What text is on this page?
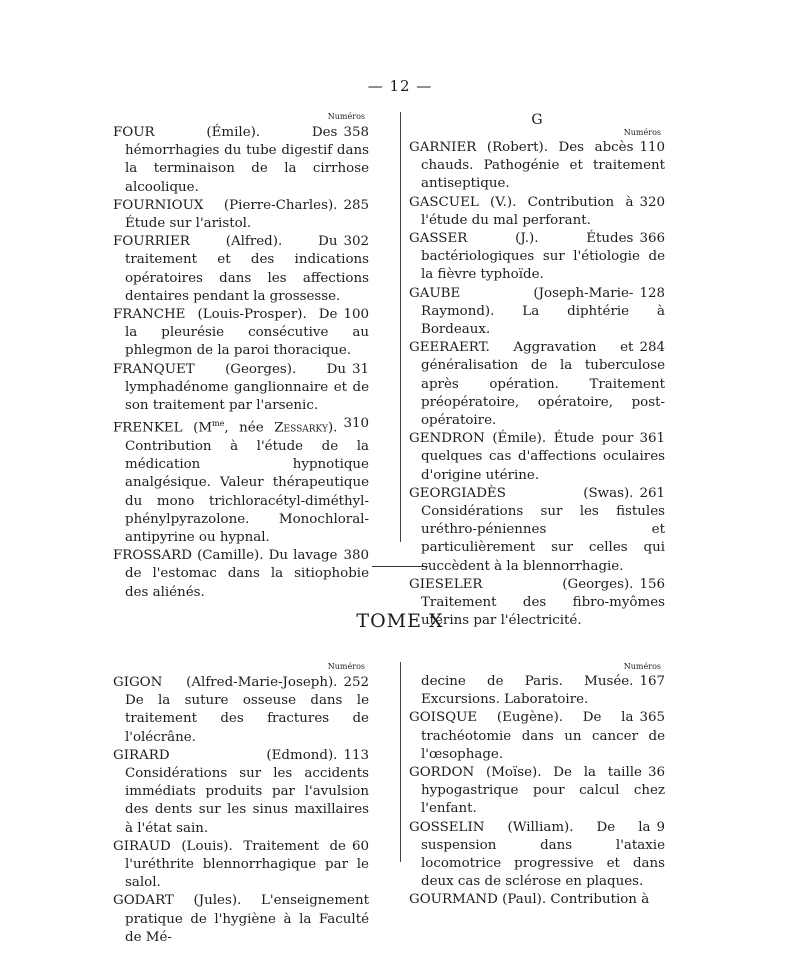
— 12 —
Numéros
358
FOUR (Émile). Des hémorrhagies du tube digestif dans la terminaison de la cirrhose alcoolique.
285
FOURNIOUX (Pierre-Charles). Étude sur l'aristol.
302
FOURRIER (Alfred). Du traitement et des indications opératoires dans les affections dentaires pendant la grossesse.
100
FRANCHE (Louis-Prosper). De la pleurésie consécutive au phlegmon de la paroi thoracique.
31
FRANQUET (Georges). Du lymphadénome ganglionnaire et de son traitement par l'arsenic.
310
FRENKEL ($M^{me}$, née Zessarky). Contribution à l'étude de la médication hypnotique analgésique. Valeur thérapeutique du mono trichloracétyl-diméthyl-phénylpyrazolone. Monochloral-antipyrine ou hypnal.
380
FROSSARD (Camille). Du lavage de l'estomac dans la sitiophobie des aliénés.
G
Numéros
110
GARNIER (Robert). Des abcès chauds. Pathogénie et traitement antiseptique.
320
GASCUEL (V.). Contribution à l'étude du mal perforant.
366
GASSER (J.). Études bactériologiques sur l'étiologie de la fièvre typhoïde.
128
GAUBE (Joseph-Marie-Raymond). La diphtérie à Bordeaux.
284
GEERAERT. Aggravation et généralisation de la tuberculose après opération. Traitement préopératoire, opératoire, post-opératoire.
361
GENDRON (Émile). Étude pour quelques cas d'affections oculaires d'origine utérine.
261
GEORGIADÈS (Swas). Considérations sur les fistules uréthro-péniennes et particulièrement sur celles qui succèdent à la blennorrhagie.
156
GIESELER (Georges). Traitement des fibro-myômes utérins par l'électricité.
TOME X
Numéros
252
GIGON (Alfred-Marie-Joseph). De la suture osseuse dans le traitement des fractures de l'olécrâne.
113
GIRARD (Edmond). Considérations sur les accidents immédiats produits par l'avulsion des dents sur les sinus maxillaires à l'état sain.
60
GIRAUD (Louis). Traitement de l'uréthrite blennorrhagique par le salol.
GODART (Jules). L'enseignement pratique de l'hygiène à la Faculté de Mé-
Numéros
167
decine de Paris. Musée. Excursions. Laboratoire.
365
GOISQUE (Eugène). De la trachéotomie dans un cancer de l'œsophage.
36
GORDON (Moïse). De la taille hypogastrique pour calcul chez l'enfant.
9
GOSSELIN (William). De la suspension dans l'ataxie locomotrice progressive et dans deux cas de sclérose en plaques.
GOURMAND (Paul). Contribution à
